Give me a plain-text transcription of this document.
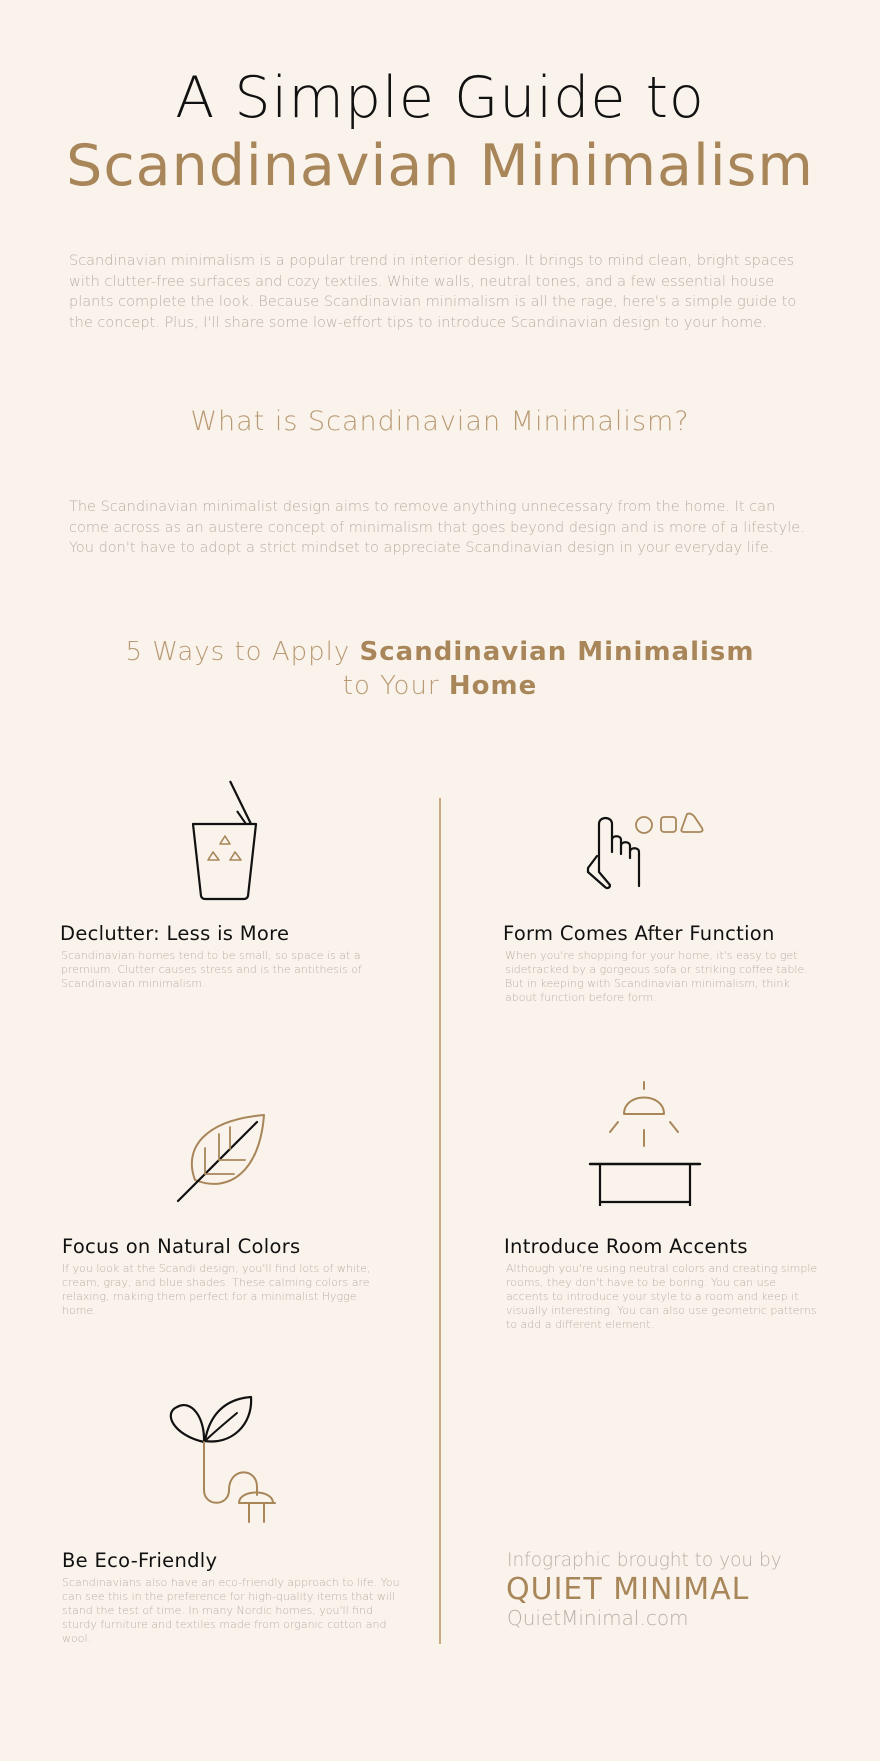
A Simple Guide to
Scandinavian Minimalism
Scandinavian minimalism is a popular trend in interior design. It brings to mind clean, bright spaces with clutter-free surfaces and cozy textiles. White walls, neutral tones, and a few essential house plants complete the look. Because Scandinavian minimalism is all the rage, here's a simple guide to the concept. Plus, I'll share some low-effort tips to introduce Scandinavian design to your home.
What is Scandinavian Minimalism?
The Scandinavian minimalist design aims to remove anything unnecessary from the home. It can come across as an austere concept of minimalism that goes beyond design and is more of a lifestyle. You don't have to adopt a strict mindset to appreciate Scandinavian design in your everyday life.
5 Ways to Apply Scandinavian Minimalism
to Your Home
Declutter: Less is More
Scandinavian homes tend to be small, so space is at a premium. Clutter causes stress and is the antithesis of Scandinavian minimalism.
Form Comes After Function
When you're shopping for your home, it's easy to get sidetracked by a gorgeous sofa or striking coffee table. But in keeping with Scandinavian minimalism, think about function before form.
Focus on Natural Colors
If you look at the Scandi design, you'll find lots of white, cream, gray, and blue shades. These calming colors are relaxing, making them perfect for a minimalist Hygge home.
Introduce Room Accents
Although you're using neutral colors and creating simple rooms, they don't have to be boring. You can use accents to introduce your style to a room and keep it visually interesting. You can also use geometric patterns to add a different element.
Be Eco-Friendly
Scandinavians also have an eco-friendly approach to life. You can see this in the preference for high-quality items that will stand the test of time. In many Nordic homes, you'll find sturdy furniture and textiles made from organic cotton and wool.
Infographic brought to you by
QUIET MINIMAL
QuietMinimal.com
